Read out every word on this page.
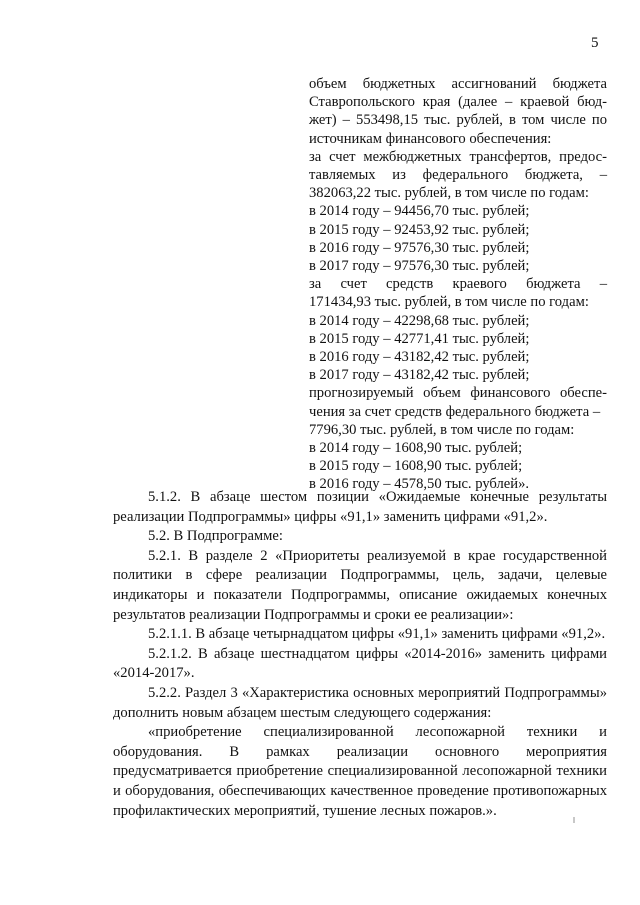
5
объем бюджетных ассигнований бюджета
Ставропольского края (далее – краевой бюд-
жет) – 553498,15 тыс. рублей, в том числе по
источникам финансового обеспечения:
за счет межбюджетных трансфертов, предос-
тавляемых из федерального бюджета, –
382063,22 тыс. рублей, в том числе по годам:
в 2014 году – 94456,70 тыс. рублей;
в 2015 году – 92453,92 тыс. рублей;
в 2016 году – 97576,30 тыс. рублей;
в 2017 году – 97576,30 тыс. рублей;
за счет средств краевого бюджета –
171434,93 тыс. рублей, в том числе по годам:
в 2014 году – 42298,68 тыс. рублей;
в 2015 году – 42771,41 тыс. рублей;
в 2016 году – 43182,42 тыс. рублей;
в 2017 году – 43182,42 тыс. рублей;
прогнозируемый объем финансового обеспе-
чения за счет средств федерального бюджета –
7796,30 тыс. рублей, в том числе по годам:
в 2014 году – 1608,90 тыс. рублей;
в 2015 году – 1608,90 тыс. рублей;
в 2016 году – 4578,50 тыс. рублей».

5.1.2. В абзаце шестом позиции «Ожидаемые конечные результаты реализации Подпрограммы» цифры «91,1» заменить цифрами «91,2».

5.2. В Подпрограмме:

5.2.1. В разделе 2 «Приоритеты реализуемой в крае государственной политики в сфере реализации Подпрограммы, цель, задачи, целевые индикаторы и показатели Подпрограммы, описание ожидаемых конечных результатов реализации Подпрограммы и сроки ее реализации»:

5.2.1.1. В абзаце четырнадцатом цифры «91,1» заменить цифрами «91,2».

5.2.1.2. В абзаце шестнадцатом цифры «2014-2016» заменить цифрами «2014-2017».

5.2.2. Раздел 3 «Характеристика основных мероприятий Подпрограммы» дополнить новым абзацем шестым следующего содержания:

«приобретение специализированной лесопожарной техники и оборудования. В рамках реализации основного мероприятия предусматривается приобретение специализированной лесопожарной техники и оборудования, обеспечивающих качественное проведение противопожарных профилактических мероприятий, тушение лесных пожаров.».
